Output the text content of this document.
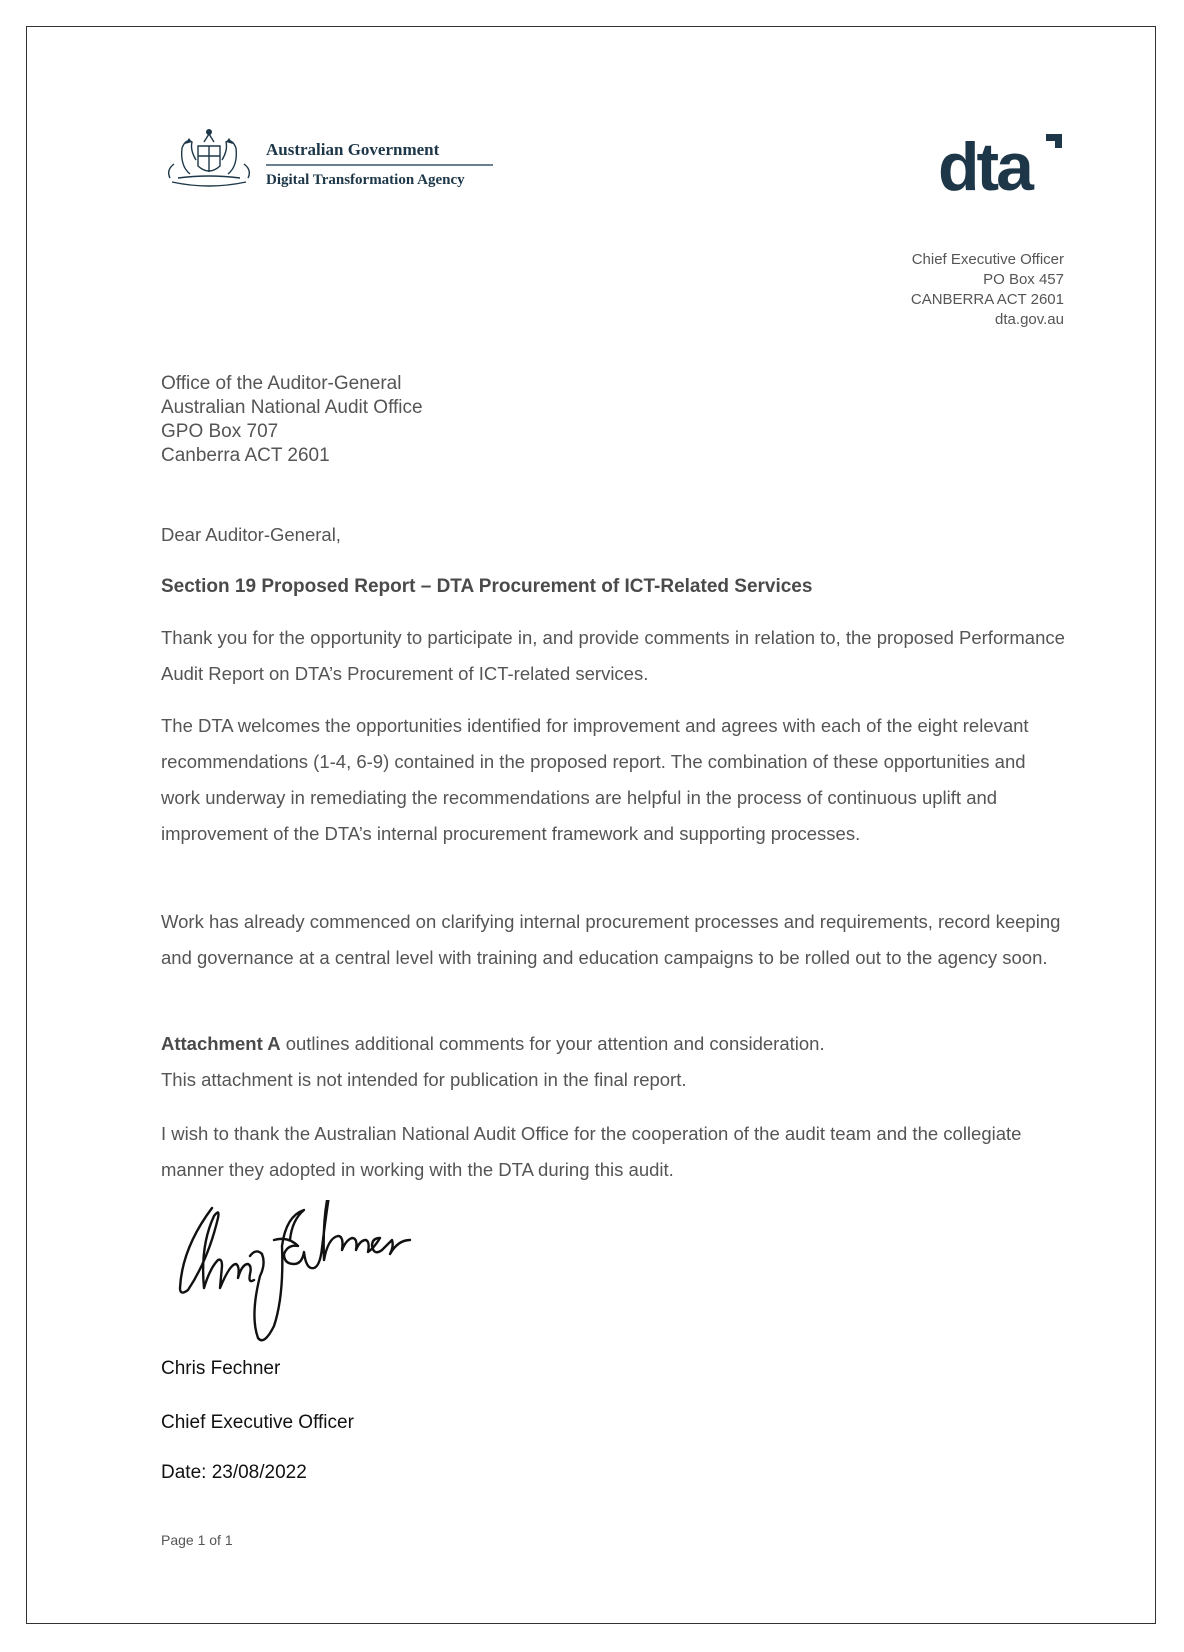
Australian Government
Digital Transformation Agency	dta
Chief Executive Officer
PO Box 457
CANBERRA ACT 2601
dta.gov.au
Office of the Auditor-General
Australian National Audit Office
GPO Box 707
Canberra ACT 2601
Dear Auditor-General,
Section 19 Proposed Report – DTA Procurement of ICT-Related Services
Thank you for the opportunity to participate in, and provide comments in relation to, the proposed Performance Audit Report on DTA’s Procurement of ICT-related services.
The DTA welcomes the opportunities identified for improvement and agrees with each of the eight relevant recommendations (1-4, 6-9) contained in the proposed report. The combination of these opportunities and work underway in remediating the recommendations are helpful in the process of continuous uplift and improvement of the DTA’s internal procurement framework and supporting processes.
Work has already commenced on clarifying internal procurement processes and requirements, record keeping and governance at a central level with training and education campaigns to be rolled out to the agency soon.
Attachment A outlines additional comments for your attention and consideration.
This attachment is not intended for publication in the final report.
I wish to thank the Australian National Audit Office for the cooperation of the audit team and the collegiate manner they adopted in working with the DTA during this audit.
Chris Fechner
Chief Executive Officer
Date: 23/08/2022
Page 1 of 1
